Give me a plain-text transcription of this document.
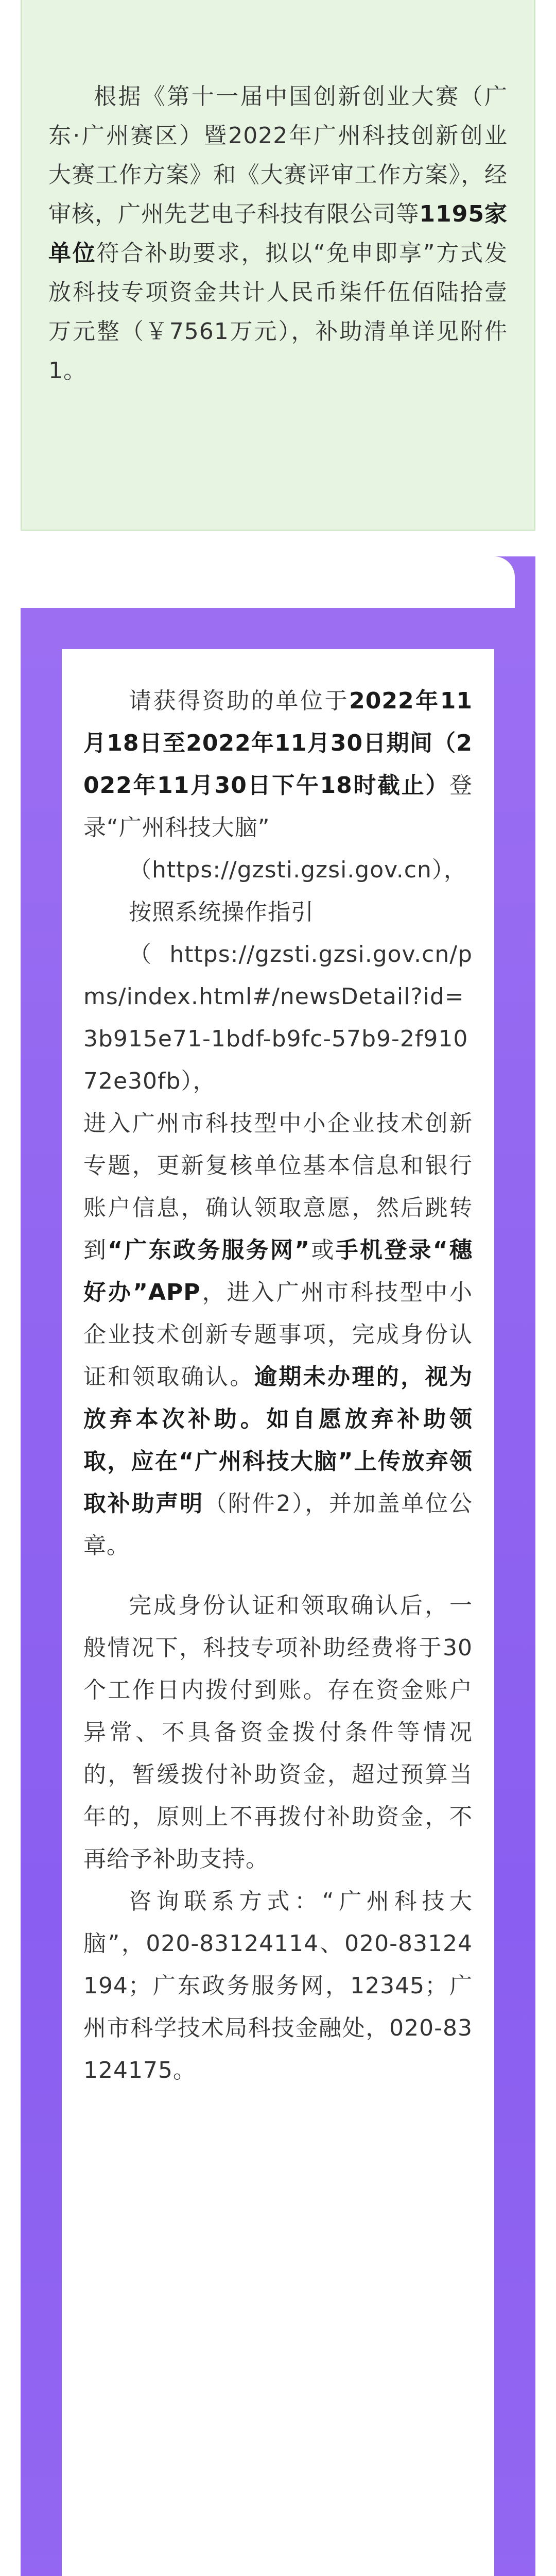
根据《第十一届中国创新创业大赛（广东·广州赛区）暨2022年广州科技创新创业大赛工作方案》和《大赛评审工作方案》，经审核，广州先艺电子科技有限公司等1195家单位符合补助要求，拟以“免申即享”方式发放科技专项资金共计人民币柒仟伍佰陆拾壹万元整（￥7561万元），补助清单详见附件1。

请获得资助的单位于2022年11月18日至2022年11月30日期间（2022年11月30日下午18时截止）登录“广州科技大脑”

（https://gzsti.gzsi.gov.cn），

按照系统操作指引

（https://gzsti.gzsi.gov.cn/pms/index.html#/newsDetail?id=3b915e71-1bdf-b9fc-57b9-2f91072e30fb），

进入广州市科技型中小企业技术创新专题，更新复核单位基本信息和银行账户信息，确认领取意愿，然后跳转到“广东政务服务网”或手机登录“穗好办”APP，进入广州市科技型中小企业技术创新专题事项，完成身份认证和领取确认。逾期未办理的，视为放弃本次补助。如自愿放弃补助领取，应在“广州科技大脑”上传放弃领取补助声明（附件2），并加盖单位公章。

完成身份认证和领取确认后，一般情况下，科技专项补助经费将于30个工作日内拨付到账。存在资金账户异常、不具备资金拨付条件等情况的，暂缓拨付补助资金，超过预算当年的，原则上不再拨付补助资金，不再给予补助支持。

咨询联系方式：“广州科技大脑”，020-83124114、020-83124194；广东政务服务网，12345；广州市科学技术局科技金融处，020-83124175。
